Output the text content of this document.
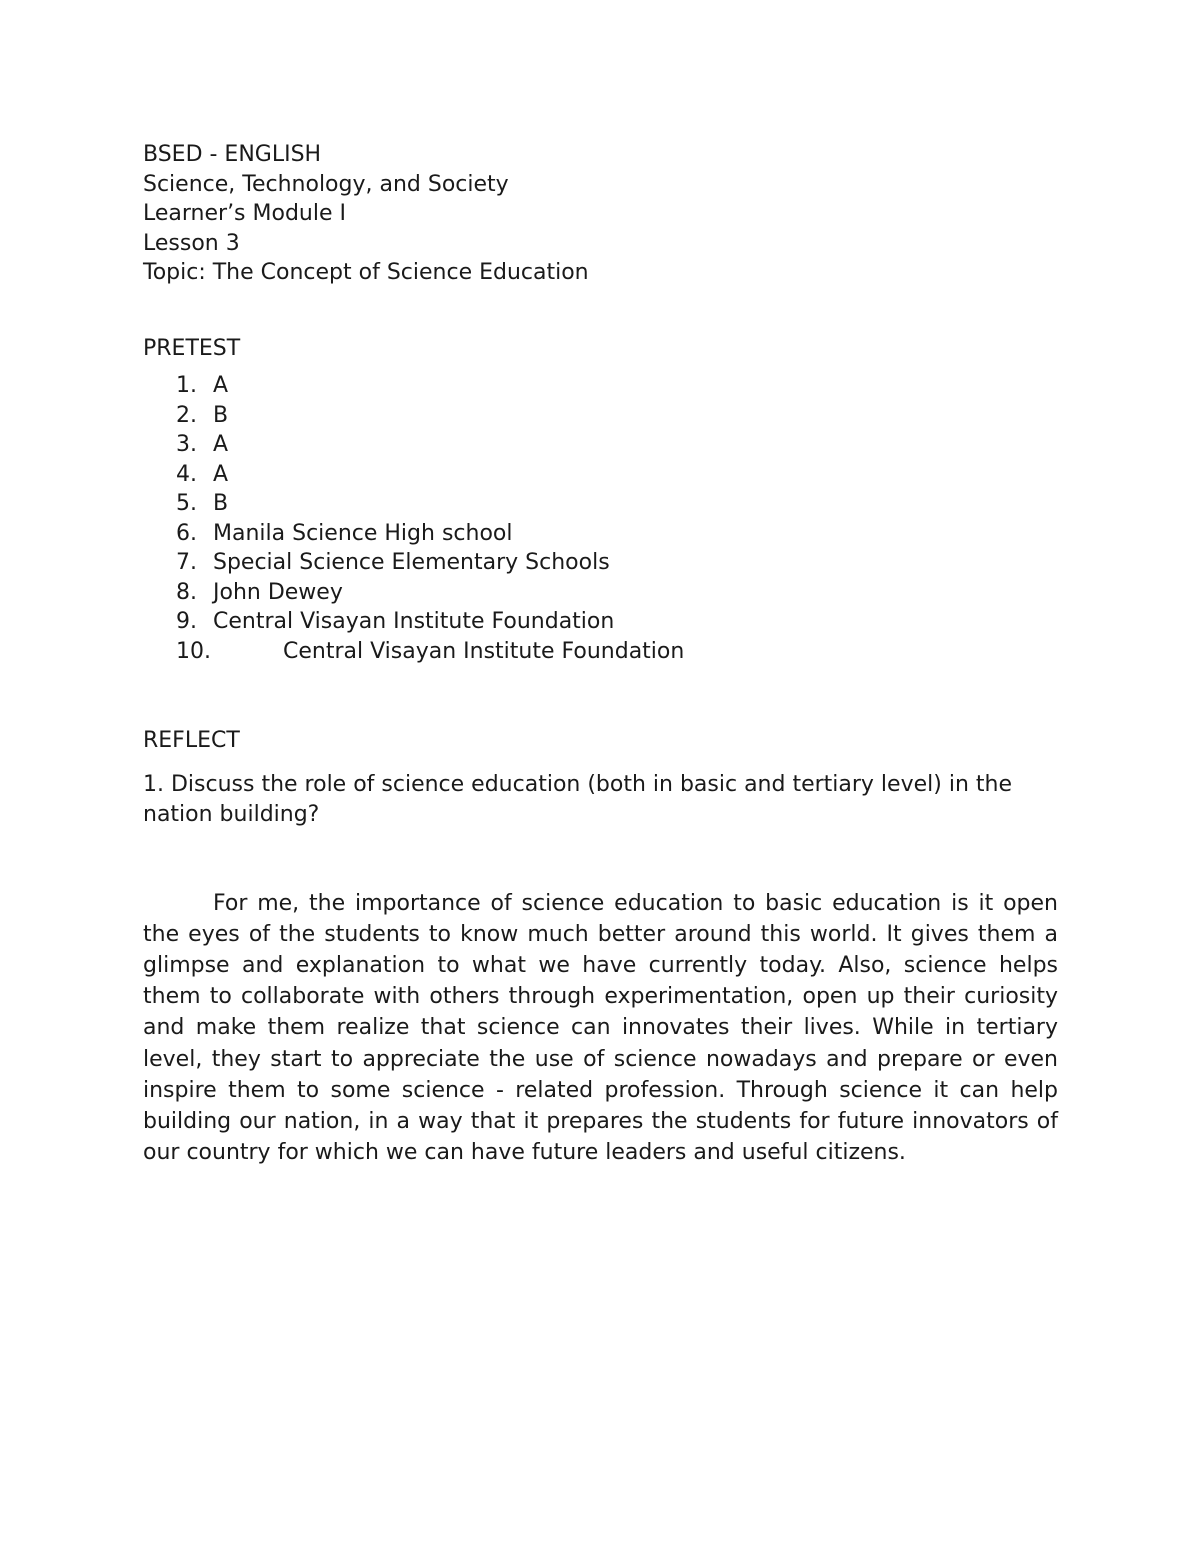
BSED - ENGLISH
Science, Technology, and Society
Learner’s Module I
Lesson 3
Topic: The Concept of Science Education
PRETEST
1. A
2. B
3. A
4. A
5. B
6. Manila Science High school
7. Special Science Elementary Schools
8. John Dewey
9. Central Visayan Institute Foundation
10.	Central Visayan Institute Foundation
REFLECT
1. Discuss the role of science education (both in basic and tertiary level) in the nation building?
For me, the importance of science education to basic education is it open the eyes of the students to know much better around this world. It gives them a glimpse and explanation to what we have currently today. Also, science helps them to collaborate with others through experimentation, open up their curiosity and make them realize that science can innovates their lives. While in tertiary level, they start to appreciate the use of science nowadays and prepare or even inspire them to some science - related profession. Through science it can help building our nation, in a way that it prepares the students for future innovators of our country for which we can have future leaders and useful citizens.
